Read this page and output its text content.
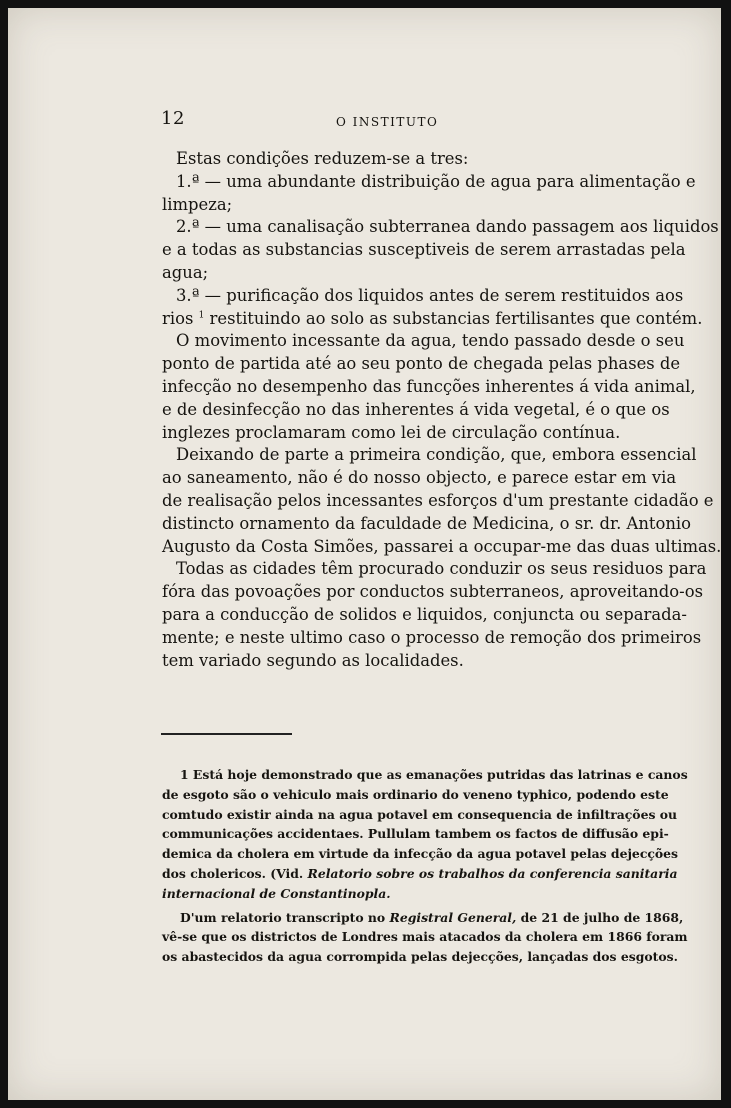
12	O INSTITUTO
Estas condições reduzem-se a tres:
1.ª — uma abundante distribuição de agua para alimentação e
limpeza;
2.ª — uma canalisação subterranea dando passagem aos liquidos
e a todas as substancias susceptiveis de serem arrastadas pela
agua;
3.ª — purificação dos liquidos antes de serem restituidos aos
rios $^1$ restituindo ao solo as substancias fertilisantes que contém.
O movimento incessante da agua, tendo passado desde o seu
ponto de partida até ao seu ponto de chegada pelas phases de
infecção no desempenho das funcções inherentes á vida animal,
e de desinfecção no das inherentes á vida vegetal, é o que os
inglezes proclamaram como lei de circulação contínua.
Deixando de parte a primeira condição, que, embora essencial
ao saneamento, não é do nosso objecto, e parece estar em via
de realisação pelos incessantes esforços d'um prestante cidadão e
distincto ornamento da faculdade de Medicina, o sr. dr. Antonio
Augusto da Costa Simões, passarei a occupar-me das duas ultimas.
Todas as cidades têm procurado conduzir os seus residuos para
fóra das povoações por conductos subterraneos, aproveitando-os
para a conducção de solidos e liquidos, conjuncta ou separada-
mente; e neste ultimo caso o processo de remoção dos primeiros
tem variado segundo as localidades.
1 Está hoje demonstrado que as emanações putridas das latrinas e canos
de esgoto são o vehiculo mais ordinario do veneno typhico, podendo este
comtudo existir ainda na agua potavel em consequencia de infiltrações ou
communicações accidentaes. Pullulam tambem os factos de diffusão epi-
demica da cholera em virtude da infecção da agua potavel pelas dejecções
dos cholericos. (Vid. Relatorio sobre os trabalhos da conferencia sanitaria
internacional de Constantinopla.
D'um relatorio transcripto no Registral General, de 21 de julho de 1868,
vê-se que os districtos de Londres mais atacados da cholera em 1866 foram
os abastecidos da agua corrompida pelas dejecções, lançadas dos esgotos.
